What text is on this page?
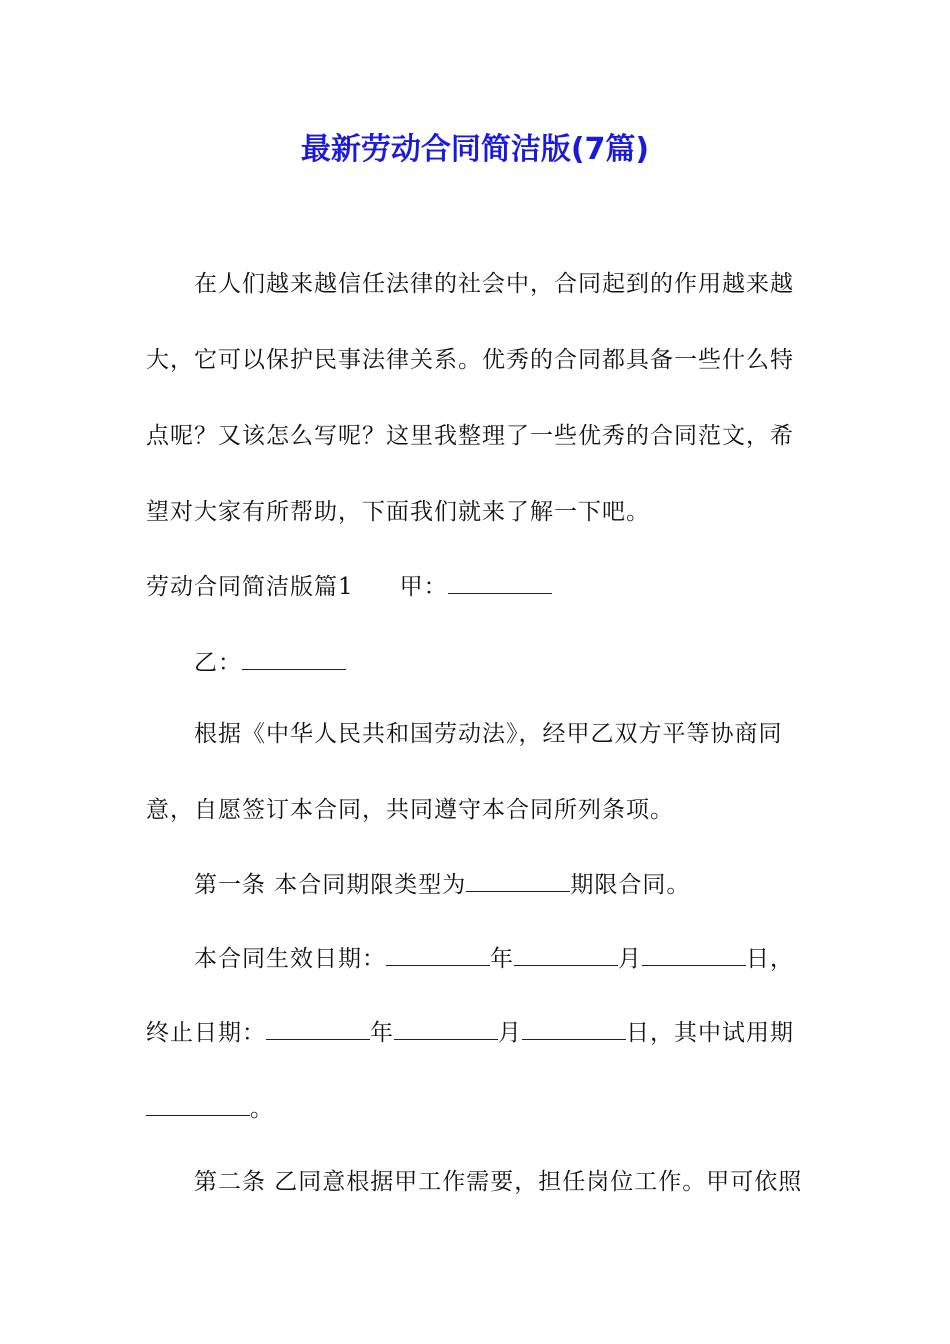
最新劳动合同简洁版(7篇)
在人们越来越信任法律的社会中，合同起到的作用越来越
大，它可以保护民事法律关系。优秀的合同都具备一些什么特
点呢？又该怎么写呢？这里我整理了一些优秀的合同范文，希
望对大家有所帮助，下面我们就来了解一下吧。
劳动合同简洁版篇1 甲：
乙：
根据《中华人民共和国劳动法》，经甲乙双方平等协商同
意，自愿签订本合同，共同遵守本合同所列条项。
第一条 本合同期限类型为	期限合同。
本合同生效日期：	年	月	日，
终止日期：	年	月	日，其中试用期
。
第二条 乙同意根据甲工作需要，担任岗位工作。甲可依照
